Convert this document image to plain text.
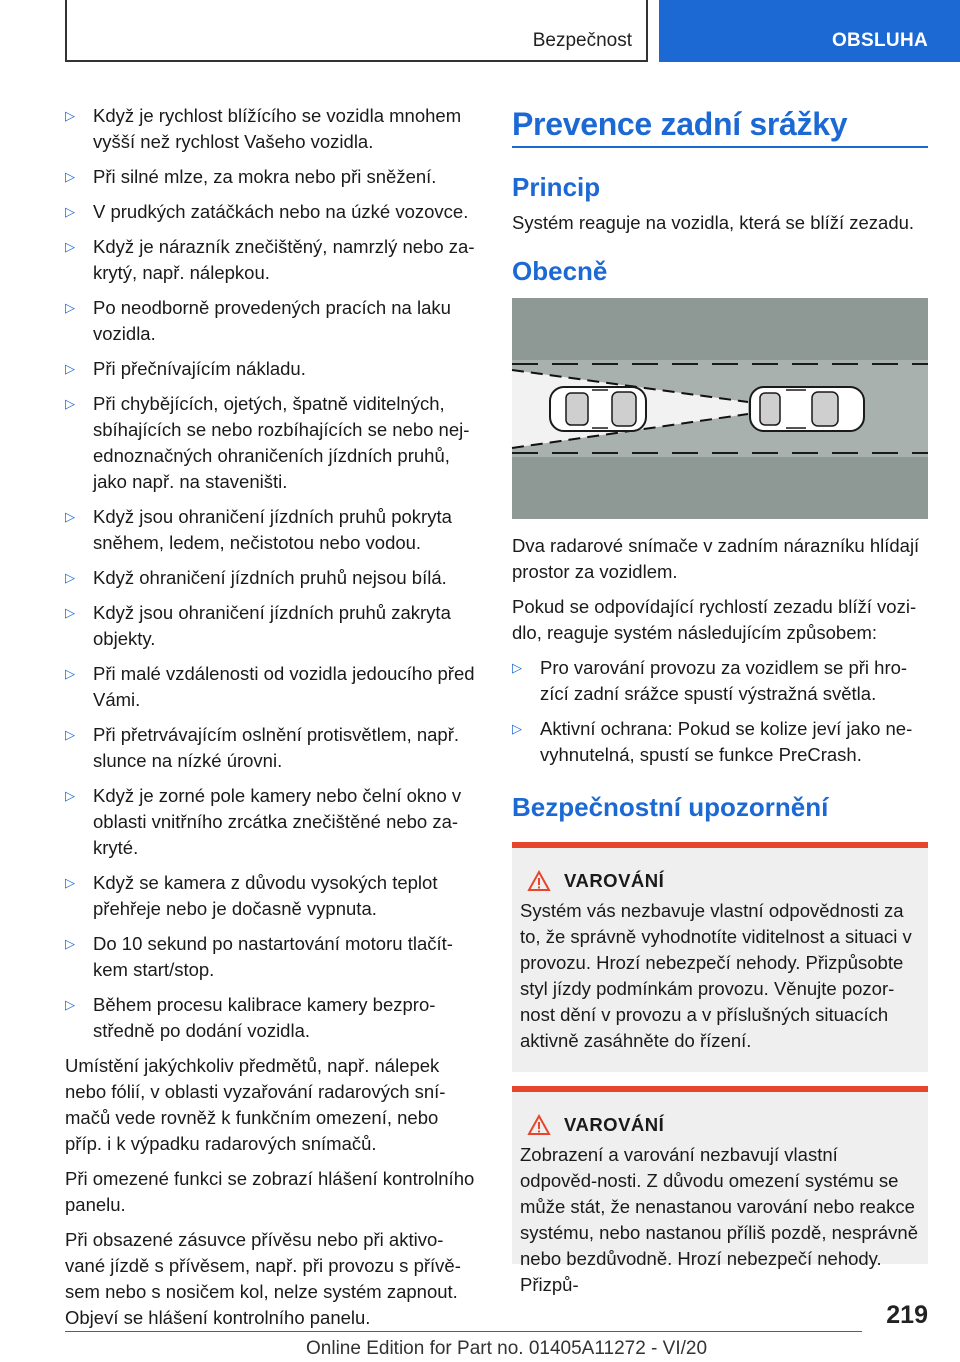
Bezpečnost	OBSLUHA
▷ Když je rychlost blížícího se vozidla mnohem vyšší než rychlost Vašeho vozidla.
▷ Při silné mlze, za mokra nebo při sněžení.
▷ V prudkých zatáčkách nebo na úzké vozovce.
▷ Když je nárazník znečištěný, namrzlý nebo za‐krytý, např. nálepkou.
▷ Po neodborně provedených pracích na laku vozidla.
▷ Při přečnívajícím nákladu.
▷ Při chybějících, ojetých, špatně viditelných, sbíhajících se nebo rozbíhajících se nebo nej‐ednoznačných ohraničeních jízdních pruhů, jako např. na staveništi.
▷ Když jsou ohraničení jízdních pruhů pokryta sněhem, ledem, nečistotou nebo vodou.
▷ Když ohraničení jízdních pruhů nejsou bílá.
▷ Když jsou ohraničení jízdních pruhů zakryta objekty.
▷ Při malé vzdálenosti od vozidla jedoucího před Vámi.
▷ Při přetrvávajícím oslnění protisvětlem, např. slunce na nízké úrovni.
▷ Když je zorné pole kamery nebo čelní okno v oblasti vnitřního zrcátka znečištěné nebo za‐kryté.
▷ Když se kamera z důvodu vysokých teplot přehřeje nebo je dočasně vypnuta.
▷ Do 10 sekund po nastartování motoru tlačít‐kem start/stop.
▷ Během procesu kalibrace kamery bezpro‐středně po dodání vozidla.

Umístění jakýchkoliv předmětů, např. nálepek nebo fólií, v oblasti vyzařování radarových sní‐mačů vede rovněž k funkčním omezení, nebo příp. i k výpadku radarových snímačů.

Při omezené funkci se zobrazí hlášení kontrolního panelu.

Při obsazené zásuvce přívěsu nebo při aktivo‐vané jízdě s přívěsem, např. při provozu s přívě‐sem nebo s nosičem kol, nelze systém zapnout. Objeví se hlášení kontrolního panelu.

Prevence zadní srážky
Princip

Systém reaguje na vozidla, která se blíží zezadu.

Obecně

Dva radarové snímače v zadním nárazníku hlídají prostor za vozidlem.

Pokud se odpovídající rychlostí zezadu blíží vozi‐dlo, reaguje systém následujícím způsobem:

▷ Pro varování provozu za vozidlem se při hro‐zící zadní srážce spustí výstražná světla.
▷ Aktivní ochrana: Pokud se kolize jeví jako ne‐vyhnutelná, spustí se funkce PreCrash.
Bezpečnostní upozornění
VAROVÁNÍ
Systém vás nezbavuje vlastní odpovědnosti za to, že správně vyhodnotíte viditelnost a situaci v provozu. Hrozí nebezpečí nehody. Přizpůsobte styl jízdy podmínkám provozu. Věnujte pozor‐nost dění v provozu a v příslušných situacích aktivně zasáhněte do řízení.
VAROVÁNÍ
Zobrazení a varování nezbavují vlastní odpověd‐nosti. Z důvodu omezení systému se může stát, že nenastanou varování nebo reakce systému, nebo nastanou příliš pozdě, nesprávně nebo bezdůvodně. Hrozí nebezpečí nehody. Přizpů‐
219
Online Edition for Part no. 01405A11272 - VI/20
